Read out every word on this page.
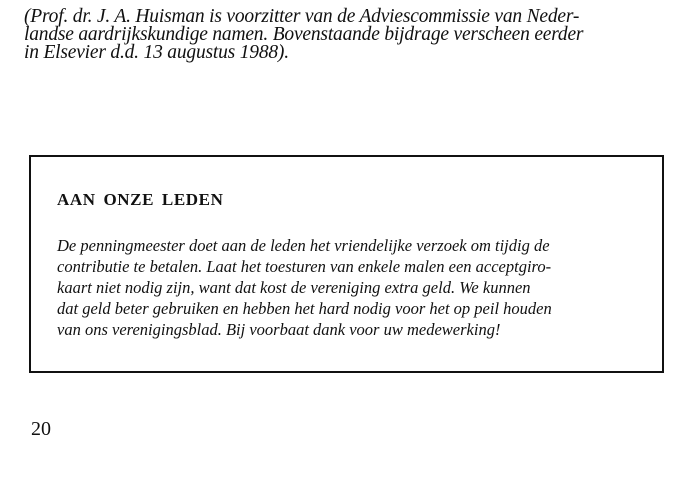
(Prof. dr. J. A. Huisman is voorzitter van de Adviescommissie van Neder-
landse aardrijkskundige namen. Bovenstaande bijdrage verscheen eerder
in Elsevier d.d. 13 augustus 1988).
AAN ONZE LEDEN
De penningmeester doet aan de leden het vriendelijke verzoek om tijdig de
contributie te betalen. Laat het toesturen van enkele malen een acceptgiro-
kaart niet nodig zijn, want dat kost de vereniging extra geld. We kunnen
dat geld beter gebruiken en hebben het hard nodig voor het op peil houden
van ons verenigingsblad. Bij voorbaat dank voor uw medewerking!
20
